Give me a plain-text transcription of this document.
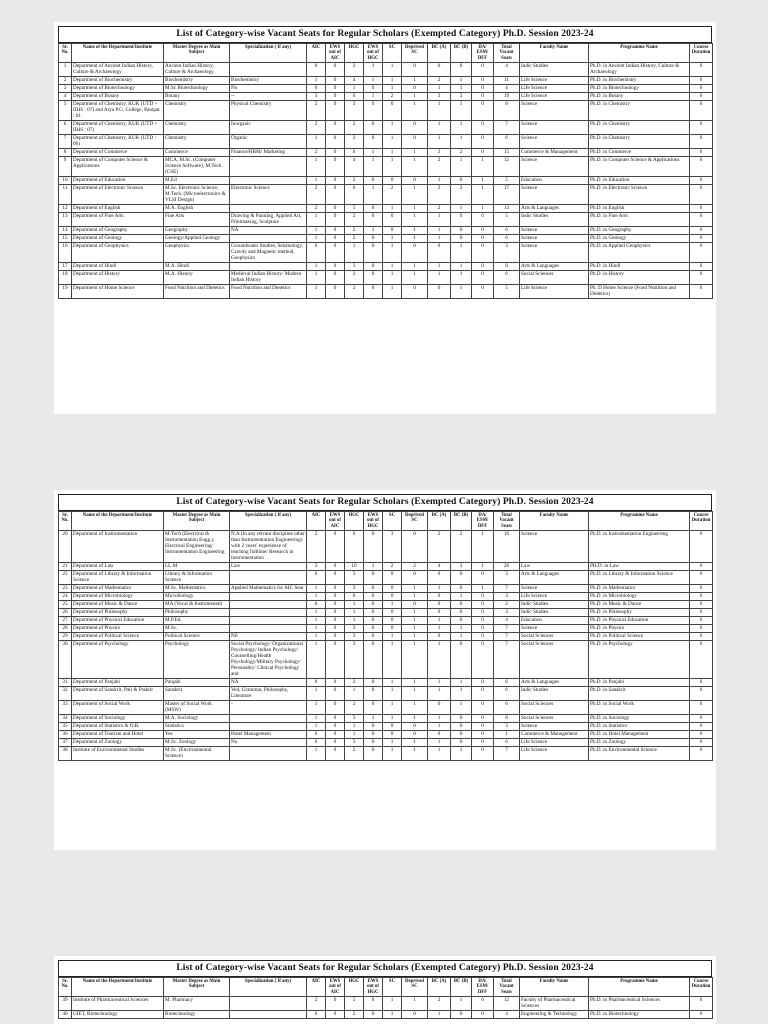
List of Category-wise Vacant Seats for Regular Scholars (Exempted Category) Ph.D. Session 2023-24
Sr. No.	Name of the Department/Institute	Master Degree as Main Subject	Specialization ( If any)	AIC	EWS out of AIC	HGC	EWS out of HGC	SC	Deprived SC	BC (A)	BC (B)	DA/ ESM/ DFF	Total Vacant Seats	Faculty Name	Programme Name	Course Duration
1	Department of Ancient Indian History, Culture & Archaeology	Ancient Indian History, Culture & Archaeology		0	0	2	1	1	0	0	0	0	4	Indic Studies	Ph.D. in Ancient Indian History, Culture & Archaeology	6
2	Department of Biochemistry	Biochemistry	Biochemistry	1	0	4	1	1	1	2	1	0	11	Life Science	Ph.D. in Biochemistry	6
3	Department of Biotechnology	M.Sc Biotechnology	No	0	0	1	0	1	0	1	1	0	4	Life Science	Ph.D. in Biotechnology	6
4	Department of Botany	Botany	--	3	0	6	1	2	1	3	3	0	19	Life Science	Ph.D. in Botany	6
5	Department of Chemistry, KUK (UTD + IIHS : 07) and Arya P.G. College, Panipat : 01	Chemistry	Physical Chemistry	2	0	3	0	0	1	1	1	0	8	Science	Ph.D. in Chemistry	6
6	Department of Chemistry, KUK (UTD + IIHS : 07)	Chemistry	Inorganic	2	0	2	0	1	0	1	1	0	7	Science	Ph.D. in Chemistry	6
7	Department of Chemistry, KUK (UTD : 06)	Chemistry	Organic	1	0	2	0	1	0	1	1	0	6	Science	Ph.D. in Chemistry	6
8	Department of Commerce	Commerce	Finance/HRM/ Marketing	2	0	6	1	1	1	2	2	0	15	Commerce & Management	Ph.D. in Commerce	6
9	Department of Computer Science & Applications	MCA, M.Sc. (Computer Science Software), M.Tech. (CSE)	-	1	0	4	1	1	1	2	1	1	12	Science	Ph.D. in Computer Science & Applications	6
10	Department of Education	M.Ed		1	0	2	0	0	0	1	0	1	5	Education	Ph.D. in Education	6
11	Department of Electronic Science	M.Sc. Electronic Science, M.Tech. (Microelectronics & VLSI Design)	Electronic Science	2	0	6	1	2	1	2	2	1	17	Science	Ph.D. in Electronic Science	6
12	Department of English	M.A. English		2	0	5	0	1	1	2	1	1	13	Arts & Languages	Ph.D. in English	6
13	Department of Fine Arts	Fine Arts	Drawing & Painting, Applied Art, Printmaking, Sculpture	1	0	2	0	0	1	1	0	0	5	Indic Studies	Ph.D. in Fine Arts	6
14	Department of Geography	Geography	NA	1	0	2	1	0	1	1	0	0	6	Science	Ph.D. in Geography	6
15	Department of Geology	Geology/Applied Geology		1	0	2	0	1	1	1	0	0	6	Science	Ph.D. in Geology	6
16	Department of Geophysics	Geophysics	Groundwater Studies, Seismology, Gravity and Magnetic method, Geophysics	0	0	1	0	1	0	0	1	0	3	Science	Ph.D. in Applied Geophysics	6
17	Department of Hindi	M.A. Hindi		1	0	3	0	1	1	1	1	0	8	Arts & Languages	Ph.D. in Hindi	6
18	Department of History	M.A. History	Medieval Indian History/ Modern Indian History	1	0	2	0	1	1	1	1	0	6	Social Sciences	Ph.D. in History	6
19	Department of Home Science	Food Nutrition and Dietetics	Food Nutrition and Dietetics	1	0	2	0	1	0	0	1	0	5	Life Science	Ph. D Home Science (Food Nutrition and Dietetics)	6
List of Category-wise Vacant Seats for Regular Scholars (Exempted Category) Ph.D. Session 2023-24
Sr. No.	Name of the Department/Institute	Master Degree as Main Subject	Specialization ( If any)	AIC	EWS out of AIC	HGC	EWS out of HGC	SC	Deprived SC	BC (A)	BC (B)	DA/ ESM/ DFF	Total Vacant Seats	Faculty Name	Programme Name	Course Duration
20	Department of Instrumentation	M.Tech (Electrical & Instrumentation Engg.), Electrical Engineering/ Instrumentation Engineering	N.A (In any relvant discipline other than Instrumentation Engineering) with 2 years' experience of teaching fulltime/ Research in Instrumentation	2	0	6	0	3	0	2	2	1	16	Science	Ph.D. in Instrumentation Engineering	6
21	Department of Law	LL.M	Law	3	0	10	1	2	2	4	3	1	26	Law	PH.D. in Law	6
22	Department of Library & Information Science	Library & Information Science		0	0	3	0	0	0	0	0	0	3	Arts & Languages	Ph.D. in Library & Information Science	6
23	Department of Mathematics	M.Sc. Mathematics	Applied Mathematics for AIC Seat	1	0	3	0	0	1	1	0	1	7	Science	Ph.D. in Mathematics	6
24	Department of Microbiology	Microbiology		1	0	0	0	0	1	0	1	0	3	Life Science	Ph.D. in Microbiology	6
25	Department of Music & Dance	MA (Vocal & Instrumental)		0	0	1	0	1	0	0	0	0	2	Indic Studies	Ph.D. in Music & Dance	6
26	Department of Philosophy	Philosophy		1	0	1	0	0	1	0	0	0	3	Indic Studies	Ph.D. in Philosophy	6
27	Department of Physical Education	M.P.Ed.		1	0	1	0	0	1	1	0	0	4	Education	Ph.D. in Physical Education	6
28	Department of Physics	M.Sc.		1	0	3	0	0	1	1	1	0	7	Science	Ph.D. in Physics	6
29	Department of Political Science	Political Science	Nil	1	0	3	0	1	1	0	1	0	7	Social Sciences	Ph.D. in Political Science	6
30	Department of Psychology	Psychology	Social Psychology/ Organizational Psychology/ Indian Psychology/ Counselling/Health Psychology/Military Psychology/ Personality/ Clinical Psychology and	1	0	3	0	1	1	1	0	0	7	Social Sciences	Ph.D. in Psychology	6
31	Department of Panjabi	Panjabi	NA	0	0	2	0	1	1	1	1	0	6	Arts & Languages	Ph.D. in Panjabi	6
32	Department of Sanskrit, Pali & Prakrit	Sanskrit	Ved, Grammar, Philosophy, Literature	1	0	1	0	1	1	1	1	0	6	Indic Studies	Ph.D. in Sanskrit	6
33	Department of Social Work	Master of Social Work (MSW)	-	1	0	2	0	1	1	0	1	0	6	Social Sciences	Ph.D. in Social Work	6
34	Department of Sociology	M.A. Sociology		1	0	3	1	1	1	1	0	0	8	Social Sciences	Ph.D. in Sociology	6
35	Department of Statistics & O.R.	Statistics		1	0	1	0	0	0	1	0	0	3	Science	Ph.D. in Statistics	6
36	Department of Tourism and Hotel	Yes	Hotel Management	0	0	1	0	0	0	0	0	0	1	Commerce & Management	Ph.D. in Hotel Management	6
37	Department of Zoology	M.Sc. Zoology	No	0	0	3	0	1	1	1	0	0	6	Life Science	Ph.D. in Zoology	6
38	Institute of Environmental Studies	M.Sc. (Environmental Science)		1	0	2	0	1	1	1	1	0	7	Life Science	Ph.D. in Environmental Science	6
List of Category-wise Vacant Seats for Regular Scholars (Exempted Category) Ph.D. Session 2023-24
Sr. No.	Name of the Department/Institute	Master Degree as Main Subject	Specialization ( If any)	AIC	EWS out of AIC	HGC	EWS out of HGC	SC	Deprived SC	BC (A)	BC (B)	DA/ ESM/ DFF	Total Vacant Seats	Faculty Name	Programme Name	Course Duration
39	Institute of Pharmaceutical Sciences	M. Pharmacy		2	0	5	0	1	1	2	1	0	12	Faculty of Pharmaceutical Sciences	Ph.D. in Pharmaceutical Sciences	6
40	UIET, Biotechnology	Biotechnology		0	0	2	0	1	0	1	0	0	4	Engineering & Technology	Ph.D. in Biotechnology	6
